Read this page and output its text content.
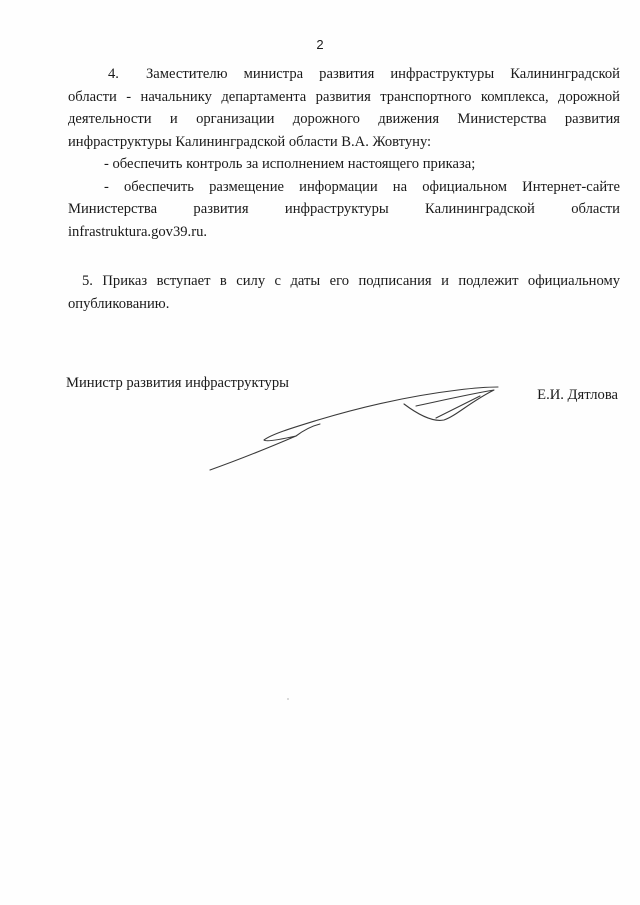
2
4. Заместителю министра развития инфраструктуры Калининградской
области - начальнику департамента развития транспортного комплекса, дорожной
деятельности и организации дорожного движения Министерства развития
инфраструктуры Калининградской области В.А. Жовтуну:
- обеспечить контроль за исполнением настоящего приказа;
- обеспечить размещение информации на официальном Интернет-сайте
Министерства развития инфраструктуры Калининградской области
infrastruktura.gov39.ru.
5. Приказ вступает в силу с даты его подписания и подлежит официальному
опубликованию.
Министр развития инфраструктуры
Е.И. Дятлова
